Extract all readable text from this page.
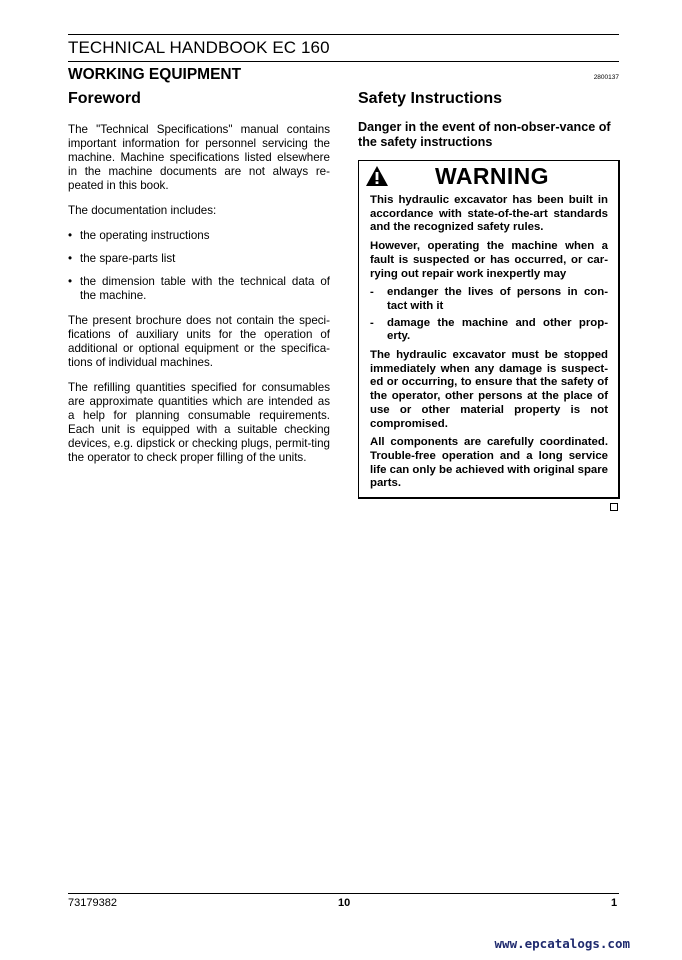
TECHNICAL HANDBOOK EC 160
WORKING EQUIPMENT	2800137
Foreword

The "Technical Specifications" manual contains important information for personnel servicing the machine. Machine specifications listed elsewhere in the machine documents are not always re-peated in this book.

The documentation includes:

• the operating instructions
• the spare-parts list
• the dimension table with the technical data of the machine.

The present brochure does not contain the speci-fications of auxiliary units for the operation of additional or optional equipment or the specifica-tions of individual machines.

The refilling quantities specified for consumables are approximate quantities which are intended as a help for planning consumable requirements. Each unit is equipped with a suitable checking devices, e.g. dipstick or checking plugs, permit-ting the operator to check proper filling of the units.

Safety Instructions
Danger in the event of non-obser-vance of the safety instructions
WARNING

This hydraulic excavator has been built in accordance with state-of-the-art standards and the recognized safety rules.

However, operating the machine when a fault is suspected or has occurred, or car-rying out repair work inexpertly may

- endanger the lives of persons in con-tact with it
- damage the machine and other prop-erty.

The hydraulic excavator must be stopped immediately when any damage is suspect-ed or occurring, to ensure that the safety of the operator, other persons at the place of use or other material property is not compromised.

All components are carefully coordinated. Trouble-free operation and a long service life can only be achieved with original spare parts.

73179382	10	1
www.epcatalogs.com
